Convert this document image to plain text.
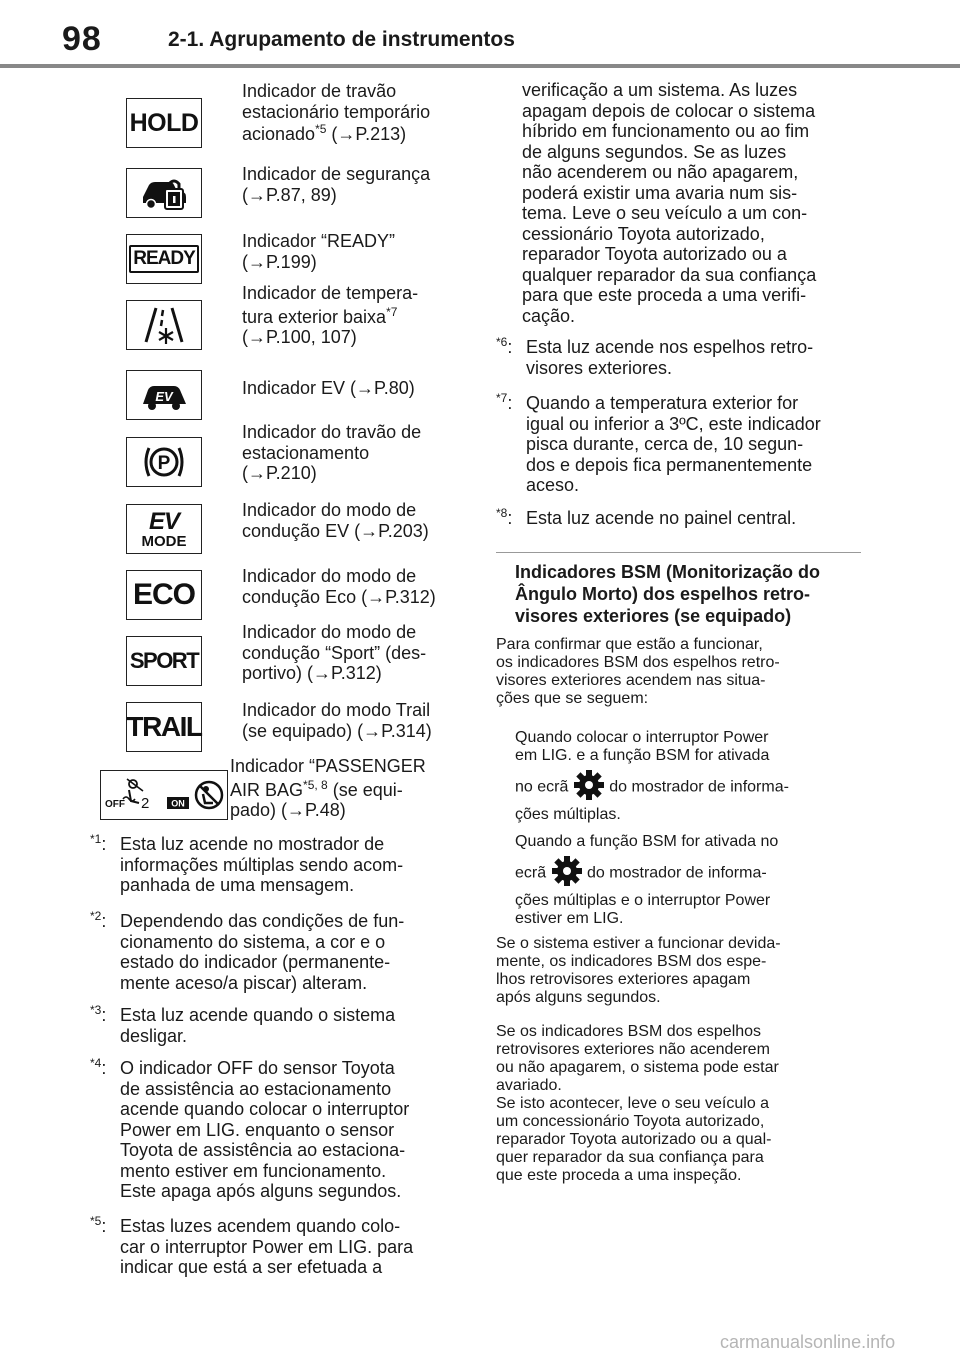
98	2-1. Agrupamento de instrumentos
HOLD
Indicador de travão
estacionário temporário
acionado$^{*5}$ (→P.213)
Indicador de segurança
(→P.87, 89)
READY
Indicador “READY”
(→P.199)
Indicador de tempera-
tura exterior baixa$^{*7}$
(→P.100, 107)
EV	Indicador EV (→P.80)
P
Indicador do travão de
estacionamento
(→P.210)
EV
MODE
Indicador do modo de
condução EV (→P.203)
ECO
Indicador do modo de
condução Eco (→P.312)
SPORT
Indicador do modo de
condução “Sport” (des-
portivo) (→P.312)
TRAIL
Indicador do modo Trail
(se equipado) (→P.314)
OFF 2 ON
Indicador “PASSENGER
AIR BAG$^{*5, 8}$ (se equi-
pado) (→P.48)
$^{*1}$: Esta luz acende no mostrador de
informações múltiplas sendo acom-
panhada de uma mensagem.
$^{*2}$: Dependendo das condições de fun-
cionamento do sistema, a cor e o
estado do indicador (permanente-
mente aceso/a piscar) alteram.
$^{*3}$: Esta luz acende quando o sistema
desligar.
$^{*4}$: O indicador OFF do sensor Toyota
de assistência ao estacionamento
acende quando colocar o interruptor
Power em LIG. enquanto o sensor
Toyota de assistência ao estaciona-
mento estiver em funcionamento.
Este apaga após alguns segundos.
$^{*5}$: Estas luzes acendem quando colo-
car o interruptor Power em LIG. para
indicar que está a ser efetuada a
verificação a um sistema. As luzes
apagam depois de colocar o sistema
híbrido em funcionamento ou ao fim
de alguns segundos. Se as luzes
não acenderem ou não apagarem,
poderá existir uma avaria num sis-
tema. Leve o seu veículo a um con-
cessionário Toyota autorizado,
reparador Toyota autorizado ou a
qualquer reparador da sua confiança
para que este proceda a uma verifi-
cação.
$^{*6}$: Esta luz acende nos espelhos retro-
visores exteriores.
$^{*7}$: Quando a temperatura exterior for
igual ou inferior a 3ºC, este indicador
pisca durante, cerca de, 10 segun-
dos e depois fica permanentemente
aceso.
$^{*8}$: Esta luz acende no painel central.
Indicadores BSM (Monitorização do
Ângulo Morto) dos espelhos retro-
visores exteriores (se equipado)
Para confirmar que estão a funcionar,
os indicadores BSM dos espelhos retro-
visores exteriores acendem nas situa-
ções que se seguem:
Quando colocar o interruptor Power
em LIG. e a função BSM for ativada
no ecrã	do mostrador de informa-
ções múltiplas.
Quando a função BSM for ativada no
ecrã	do mostrador de informa-
ções múltiplas e o interruptor Power
estiver em LIG.
Se o sistema estiver a funcionar devida-
mente, os indicadores BSM dos espe-
lhos retrovisores exteriores apagam
após alguns segundos.
Se os indicadores BSM dos espelhos
retrovisores exteriores não acenderem
ou não apagarem, o sistema pode estar
avariado.
Se isto acontecer, leve o seu veículo a
um concessionário Toyota autorizado,
reparador Toyota autorizado ou a qual-
quer reparador da sua confiança para
que este proceda a uma inspeção.
carmanualsonline.info
